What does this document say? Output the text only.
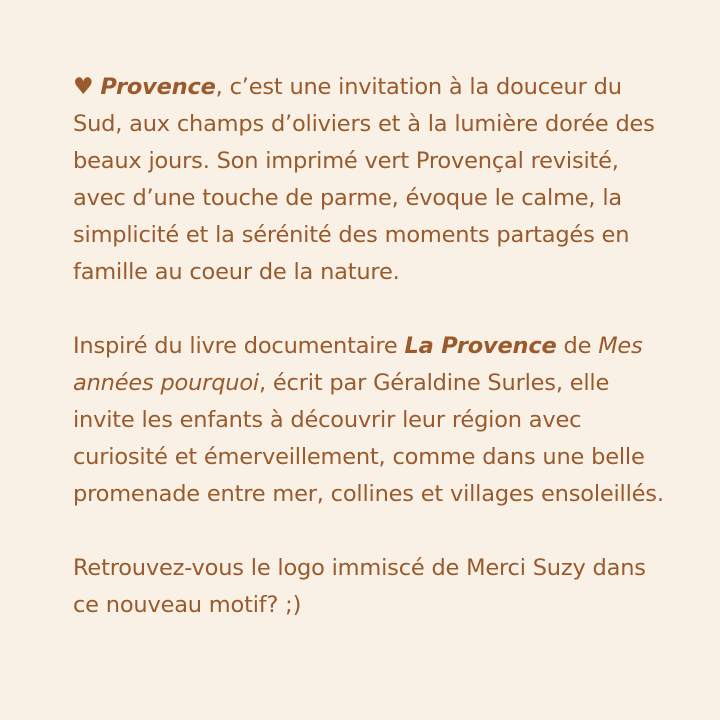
♥ Provence, c’est une invitation à la douceur du Sud, aux champs d’oliviers et à la lumière dorée des beaux jours. Son imprimé vert Provençal revisité, avec d’une touche de parme, évoque le calme, la simplicité et la sérénité des moments partagés en famille au coeur de la nature.

Inspiré du livre documentaire La Provence de Mes années pourquoi, écrit par Géraldine Surles, elle invite les enfants à découvrir leur région avec curiosité et émerveillement, comme dans une belle promenade entre mer, collines et villages ensoleillés.

Retrouvez-vous le logo immiscé de Merci Suzy dans ce nouveau motif? ;)
